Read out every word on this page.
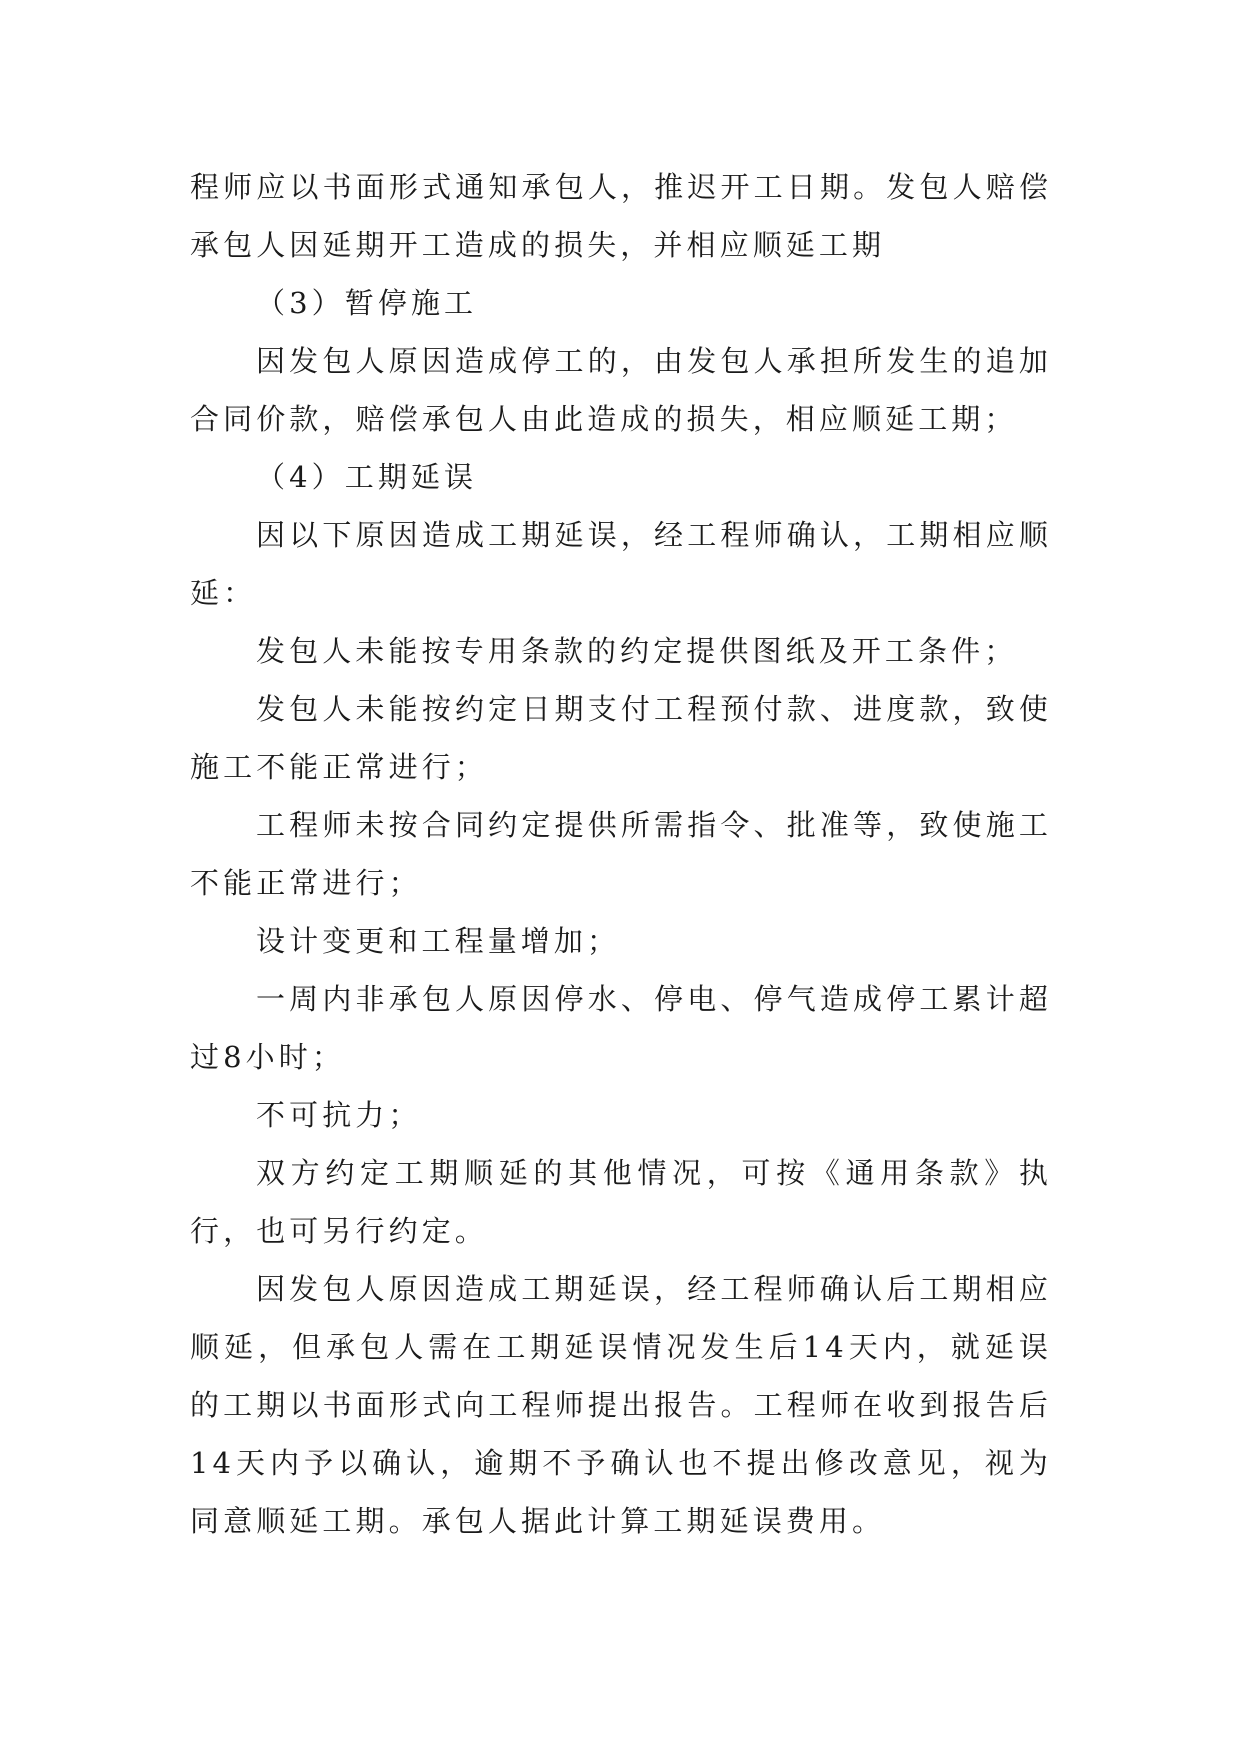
程师应以书面形式通知承包人，推迟开工日期。发包人赔偿承包人因延期开工造成的损失，并相应顺延工期

（3）暂停施工

因发包人原因造成停工的，由发包人承担所发生的追加合同价款，赔偿承包人由此造成的损失，相应顺延工期；

（4）工期延误

因以下原因造成工期延误，经工程师确认，工期相应顺延：

发包人未能按专用条款的约定提供图纸及开工条件；

发包人未能按约定日期支付工程预付款、进度款，致使施工不能正常进行；

工程师未按合同约定提供所需指令、批准等，致使施工不能正常进行；

设计变更和工程量增加；

一周内非承包人原因停水、停电、停气造成停工累计超过8小时；

不可抗力；

双方约定工期顺延的其他情况，可按《通用条款》执行，也可另行约定。

因发包人原因造成工期延误，经工程师确认后工期相应顺延，但承包人需在工期延误情况发生后14天内，就延误的工期以书面形式向工程师提出报告。工程师在收到报告后14天内予以确认，逾期不予确认也不提出修改意见，视为同意顺延工期。承包人据此计算工期延误费用。
